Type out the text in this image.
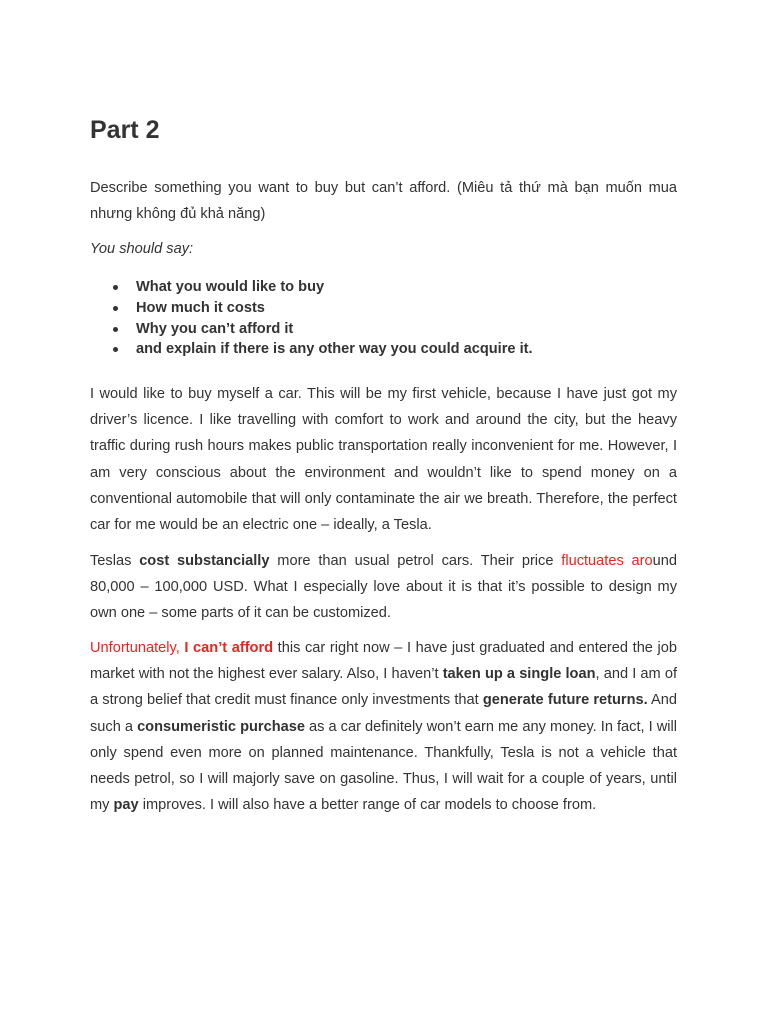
Part 2

Describe something you want to buy but can’t afford. (Miêu tả thứ mà bạn muốn mua nhưng không đủ khả năng)

You should say:

What you would like to buy
How much it costs
Why you can’t afford it
and explain if there is any other way you could acquire it.

I would like to buy myself a car. This will be my first vehicle, because I have just got my driver’s licence. I like travelling with comfort to work and around the city, but the heavy traffic during rush hours makes public transportation really inconvenient for me. However, I am very conscious about the environment and wouldn’t like to spend money on a conventional automobile that will only contaminate the air we breath. Therefore, the perfect car for me would be an electric one – ideally, a Tesla.

Teslas cost substancially more than usual petrol cars. Their price fluctuates around 80,000 – 100,000 USD. What I especially love about it is that it’s possible to design my own one – some parts of it can be customized.

Unfortunately, I can’t afford this car right now – I have just graduated and entered the job market with not the highest ever salary. Also, I haven’t taken up a single loan, and I am of a strong belief that credit must finance only investments that generate future returns. And such a consumeristic purchase as a car definitely won’t earn me any money. In fact, I will only spend even more on planned maintenance. Thankfully, Tesla is not a vehicle that needs petrol, so I will majorly save on gasoline. Thus, I will wait for a couple of years, until my pay improves. I will also have a better range of car models to choose from.
